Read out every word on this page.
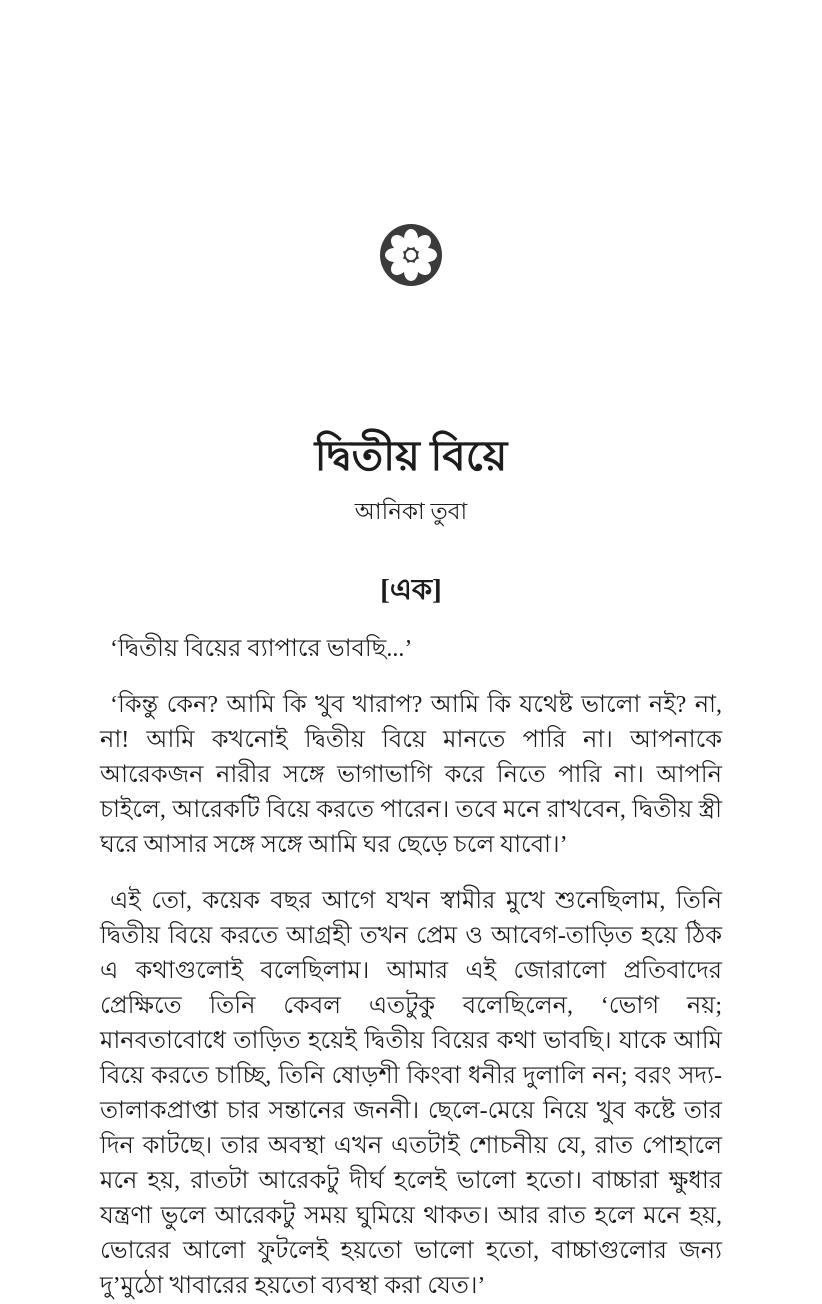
দ্বিতীয় বিয়ে
আনিকা তুবা
[এক]

‘দ্বিতীয় বিয়ের ব্যাপারে ভাবছি...’

‘কিন্তু কেন? আমি কি খুব খারাপ? আমি কি যথেষ্ট ভালো নই? না, না! আমি কখনোই দ্বিতীয় বিয়ে মানতে পারি না। আপনাকে আরেকজন নারীর সঙ্গে ভাগাভাগি করে নিতে পারি না। আপনি চাইলে, আরেকটি বিয়ে করতে পারেন। তবে মনে রাখবেন, দ্বিতীয় স্ত্রী ঘরে আসার সঙ্গে সঙ্গে আমি ঘর ছেড়ে চলে যাবো।’

এই তো, কয়েক বছর আগে যখন স্বামীর মুখে শুনেছিলাম, তিনি দ্বিতীয় বিয়ে করতে আগ্রহী তখন প্রেম ও আবেগ-তাড়িত হয়ে ঠিক এ কথাগুলোই বলেছিলাম। আমার এই জোরালো প্রতিবাদের প্রেক্ষিতে তিনি কেবল এতটুকু বলেছিলেন, ‘ভোগ নয়; মানবতাবোধে তাড়িত হয়েই দ্বিতীয় বিয়ের কথা ভাবছি। যাকে আমি বিয়ে করতে চাচ্ছি, তিনি ষোড়শী কিংবা ধনীর দুলালি নন; বরং সদ্য-তালাকপ্রাপ্তা চার সন্তানের জননী। ছেলে-মেয়ে নিয়ে খুব কষ্টে তার দিন কাটছে। তার অবস্থা এখন এতটাই শোচনীয় যে, রাত পোহালে মনে হয়, রাতটা আরেকটু দীর্ঘ হলেই ভালো হতো। বাচ্চারা ক্ষুধার যন্ত্রণা ভুলে আরেকটু সময় ঘুমিয়ে থাকত। আর রাত হলে মনে হয়, ভোরের আলো ফুটলেই হয়তো ভালো হতো, বাচ্চাগুলোর জন্য দু’মুঠো খাবারের হয়তো ব্যবস্থা করা যেত।’
